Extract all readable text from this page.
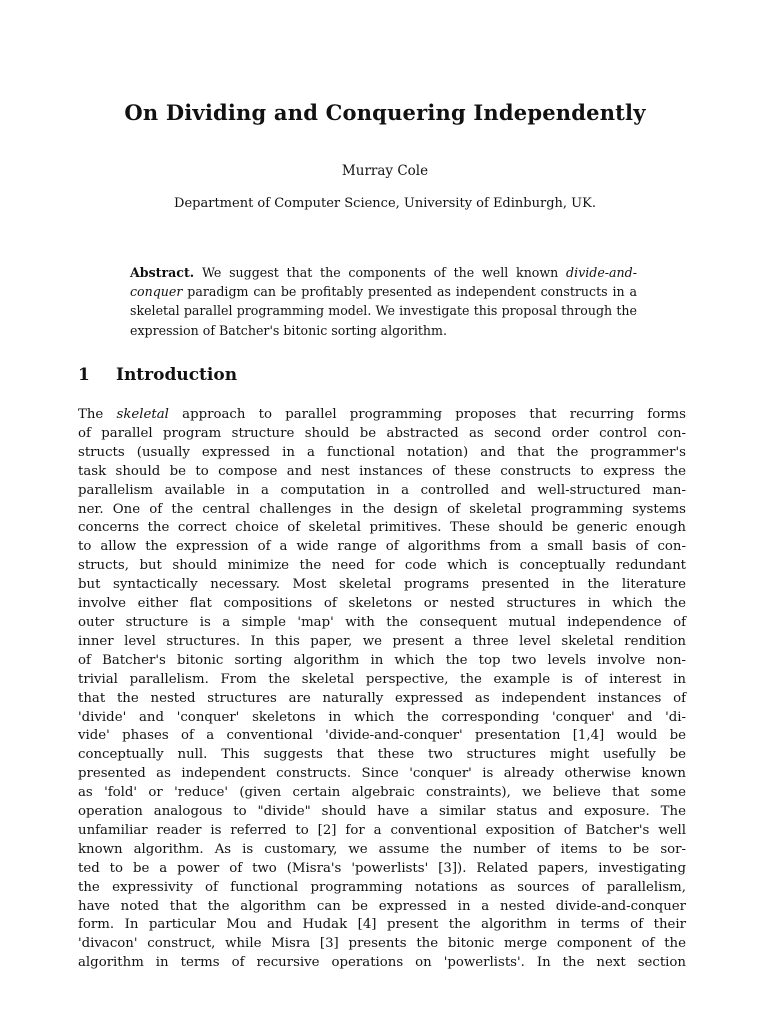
On Dividing and Conquering Independently
Murray Cole
Department of Computer Science, University of Edinburgh, UK.
Abstract. We suggest that the components of the well known divide-and-conquer paradigm can be profitably presented as independent constructs in a skeletal parallel programming model. We investigate this proposal through the expression of Batcher's bitonic sorting algorithm.
1 Introduction
The skeletal approach to parallel programming proposes that recurring forms
of parallel program structure should be abstracted as second order control con-
structs (usually expressed in a functional notation) and that the programmer's
task should be to compose and nest instances of these constructs to express the
parallelism available in a computation in a controlled and well-structured man-
ner. One of the central challenges in the design of skeletal programming systems
concerns the correct choice of skeletal primitives. These should be generic enough
to allow the expression of a wide range of algorithms from a small basis of con-
structs, but should minimize the need for code which is conceptually redundant
but syntactically necessary. Most skeletal programs presented in the literature
involve either flat compositions of skeletons or nested structures in which the
outer structure is a simple 'map' with the consequent mutual independence of
inner level structures. In this paper, we present a three level skeletal rendition
of Batcher's bitonic sorting algorithm in which the top two levels involve non-
trivial parallelism. From the skeletal perspective, the example is of interest in
that the nested structures are naturally expressed as independent instances of
'divide' and 'conquer' skeletons in which the corresponding 'conquer' and 'di-
vide' phases of a conventional 'divide-and-conquer' presentation [1,4] would be
conceptually null. This suggests that these two structures might usefully be
presented as independent constructs. Since 'conquer' is already otherwise known
as 'fold' or 'reduce' (given certain algebraic constraints), we believe that some
operation analogous to "divide" should have a similar status and exposure. The
unfamiliar reader is referred to [2] for a conventional exposition of Batcher's well
known algorithm. As is customary, we assume the number of items to be sor-
ted to be a power of two (Misra's 'powerlists' [3]). Related papers, investigating
the expressivity of functional programming notations as sources of parallelism,
have noted that the algorithm can be expressed in a nested divide-and-conquer
form. In particular Mou and Hudak [4] present the algorithm in terms of their
'divacon' construct, while Misra [3] presents the bitonic merge component of the
algorithm in terms of recursive operations on 'powerlists'. In the next section
